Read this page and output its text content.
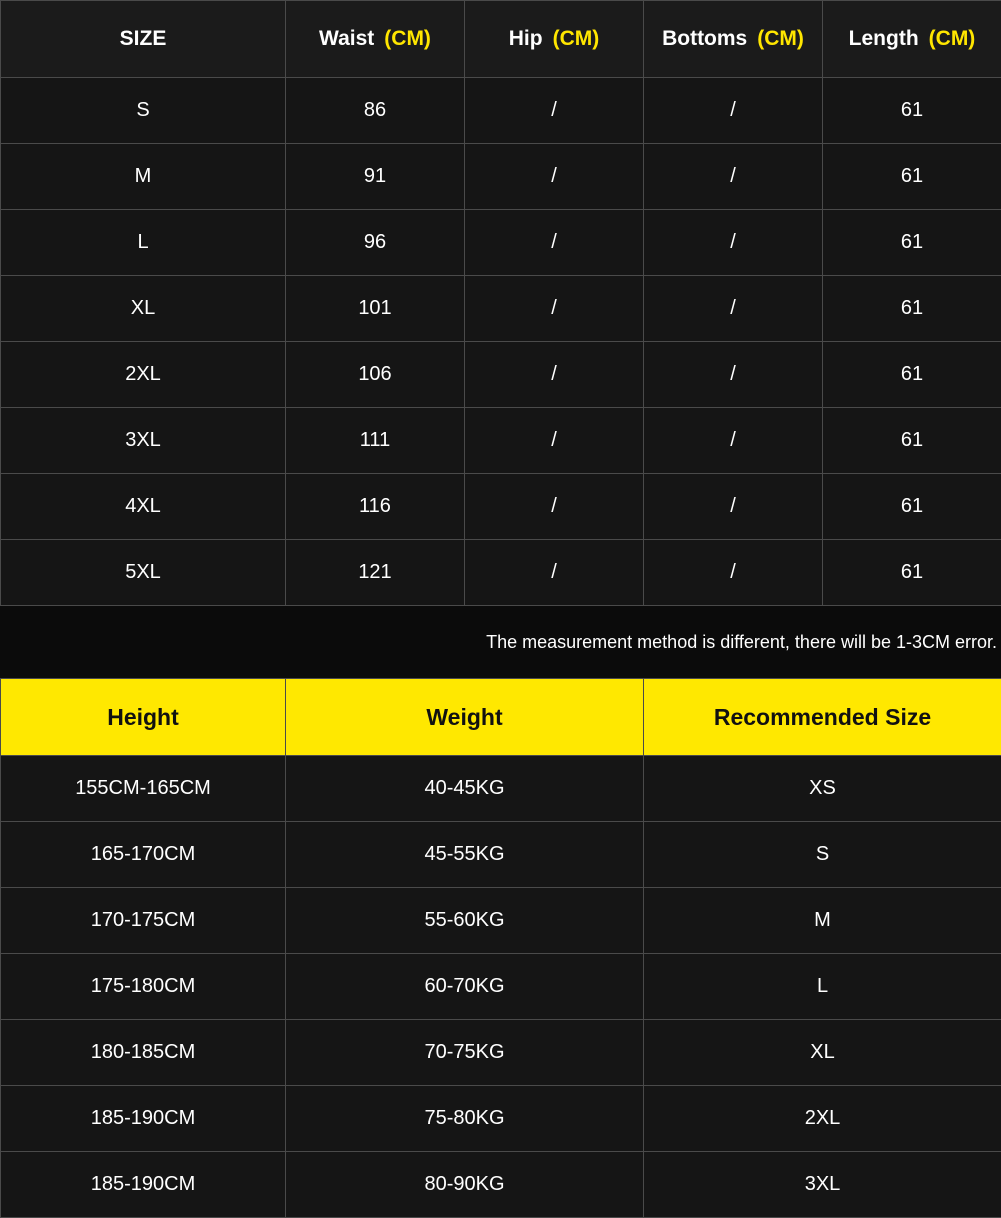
SIZE	Waist (CM)	Hip (CM)	Bottoms (CM)	Length (CM)
S	86	/	/	61
M	91	/	/	61
L	96	/	/	61
XL	101	/	/	61
2XL	106	/	/	61
3XL	111	/	/	61
4XL	116	/	/	61
5XL	121	/	/	61
The measurement method is different, there will be 1-3CM error.
Height	Weight	Recommended Size
155CM-165CM	40-45KG	XS
165-170CM	45-55KG	S
170-175CM	55-60KG	M
175-180CM	60-70KG	L
180-185CM	70-75KG	XL
185-190CM	75-80KG	2XL
185-190CM	80-90KG	3XL
